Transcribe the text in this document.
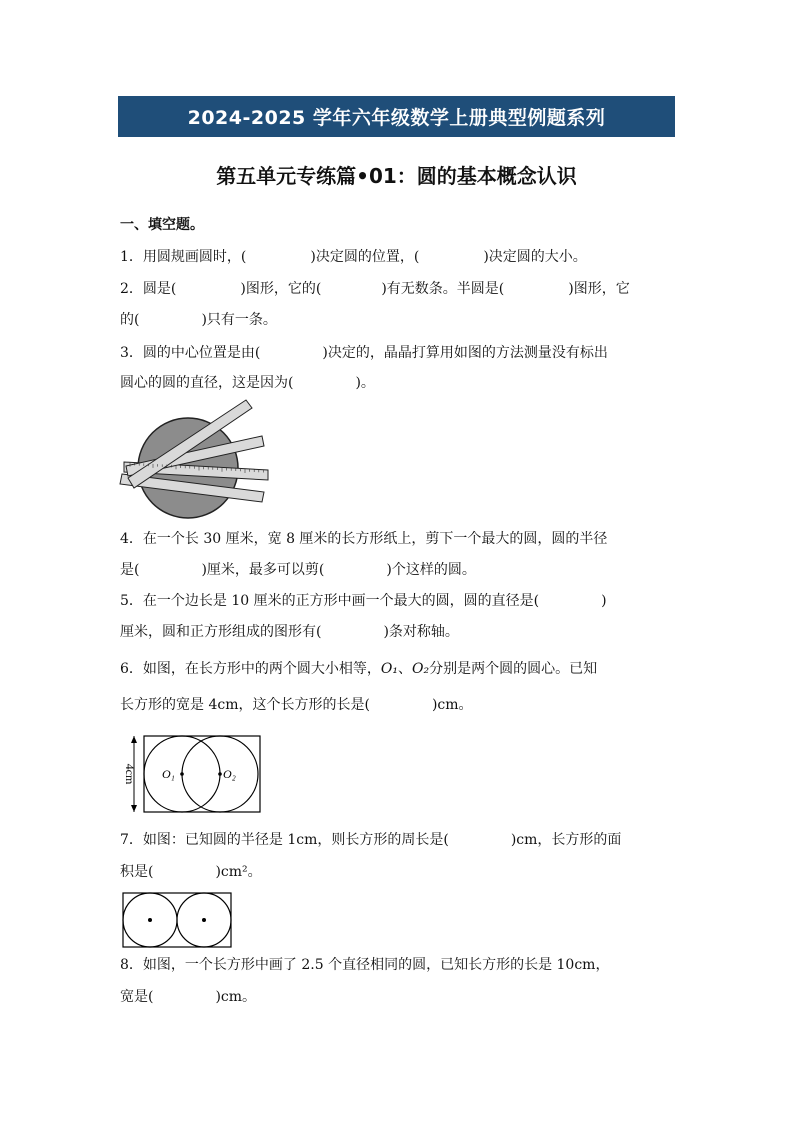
2024-2025 学年六年级数学上册典型例题系列
第五单元专练篇•01：圆的基本概念认识
一、填空题。
1．用圆规画圆时，(	)决定圆的位置，(	)决定圆的大小。
2．圆是(	)图形，它的(	)有无数条。半圆是(	)图形，它
的(	)只有一条。
3．圆的中心位置是由(	)决定的，晶晶打算用如图的方法测量没有标出
圆心的圆的直径，这是因为(	)。
4．在一个长 30 厘米，宽 8 厘米的长方形纸上，剪下一个最大的圆，圆的半径
是(	)厘米，最多可以剪(	)个这样的圆。
5．在一个边长是 10 厘米的正方形中画一个最大的圆，圆的直径是(	)
厘米，圆和正方形组成的图形有(	)条对称轴。
6．如图，在长方形中的两个圆大小相等，O₁、O₂分别是两个圆的圆心。已知
长方形的宽是 4cm，这个长方形的长是(	)cm。
4cm O₁	O₂
7．如图：已知圆的半径是 1cm，则长方形的周长是(	)cm，长方形的面
积是(	)cm²。
8．如图，一个长方形中画了 2.5 个直径相同的圆，已知长方形的长是 10cm，
宽是(	)cm。
